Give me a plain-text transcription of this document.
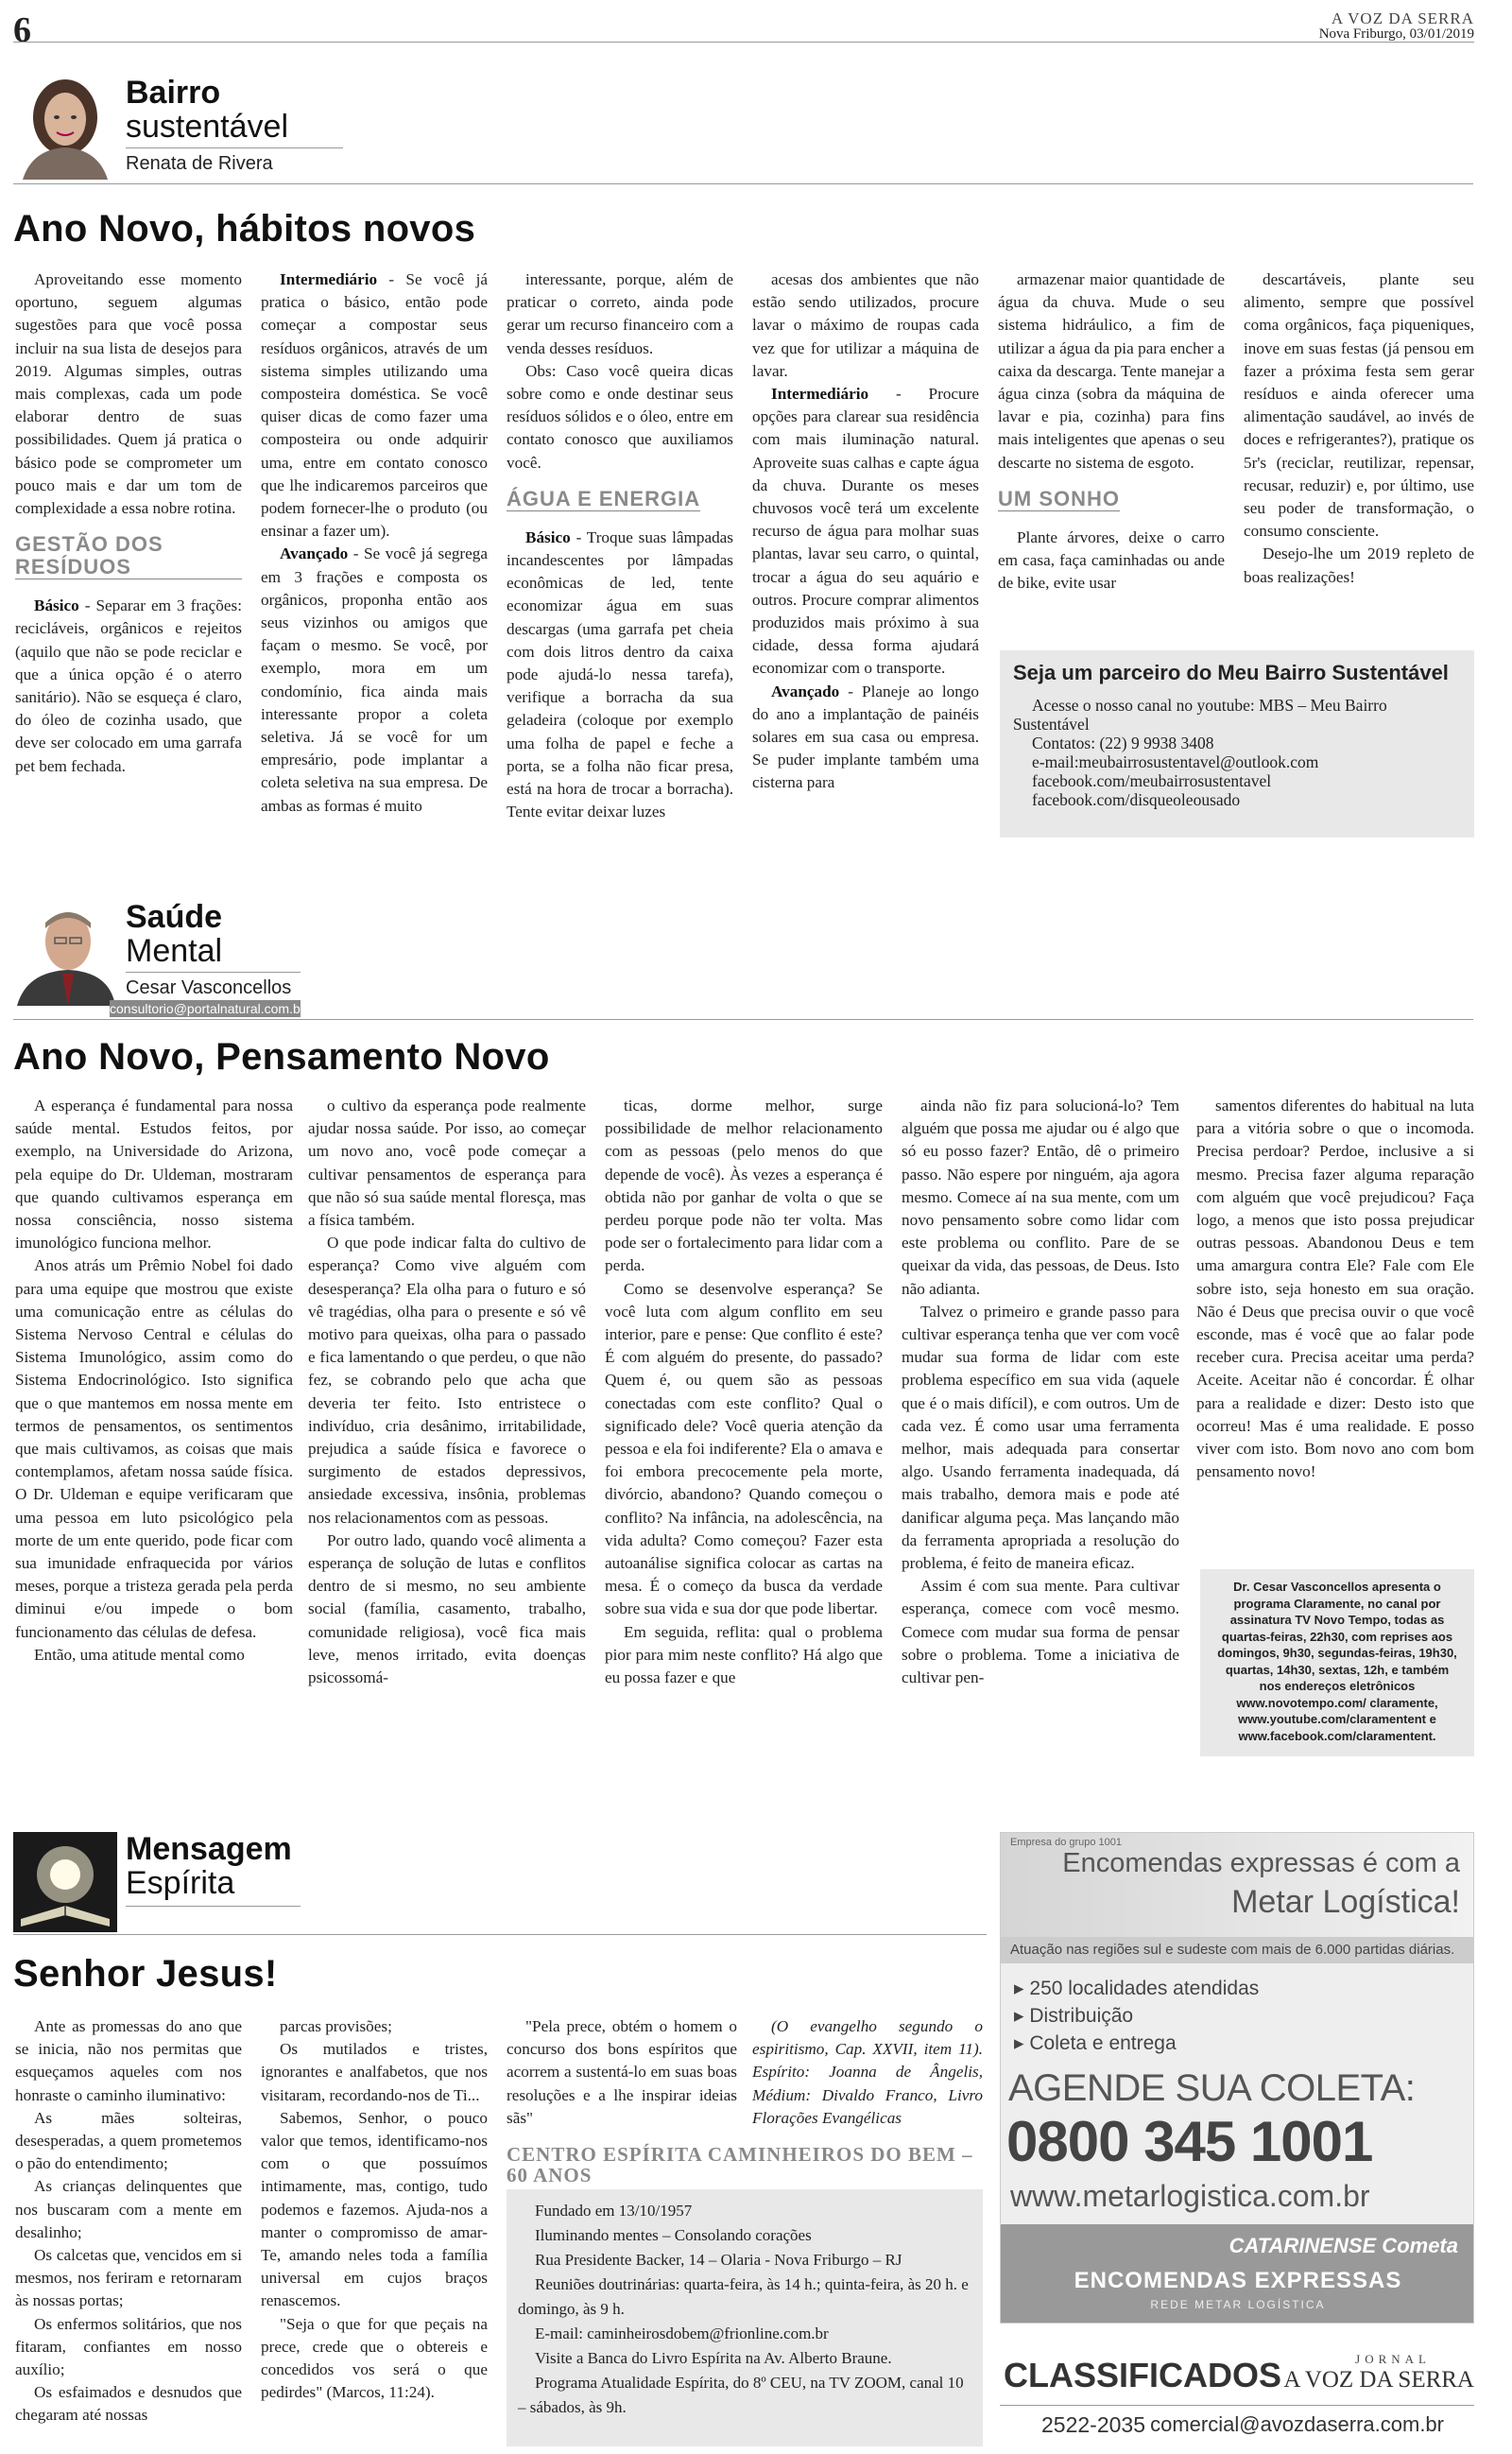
6	A VOZ DA SERRA
Nova Friburgo, 03/01/2019
Bairro
sustentável
Renata de Rivera
Ano Novo, hábitos novos

Aproveitando esse momento oportuno, seguem algumas sugestões para que você possa incluir na sua lista de desejos para 2019. Algumas simples, outras mais complexas, cada um pode elaborar dentro de suas possibilidades. Quem já pratica o básico pode se comprometer um pouco mais e dar um tom de complexidade a essa nobre rotina.

GESTÃO DOS RESÍDUOS

Básico - Separar em 3 frações: recicláveis, orgânicos e rejeitos (aquilo que não se pode reciclar e que a única opção é o aterro sanitário). Não se esqueça é claro, do óleo de cozinha usado, que deve ser colocado em uma garrafa pet bem fechada.

Intermediário - Se você já pratica o básico, então pode começar a compostar seus resíduos orgânicos, através de um sistema simples utilizando uma composteira doméstica. Se você quiser dicas de como fazer uma composteira ou onde adquirir uma, entre em contato conosco que lhe indicaremos parceiros que podem fornecer-lhe o produto (ou ensinar a fazer um).

Avançado - Se você já segrega em 3 frações e composta os orgânicos, proponha então aos seus vizinhos ou amigos que façam o mesmo. Se você, por exemplo, mora em um condomínio, fica ainda mais interessante propor a coleta seletiva. Já se você for um empresário, pode implantar a coleta seletiva na sua empresa. De ambas as formas é muito

interessante, porque, além de praticar o correto, ainda pode gerar um recurso financeiro com a venda desses resíduos.

Obs: Caso você queira dicas sobre como e onde destinar seus resíduos sólidos e o óleo, entre em contato conosco que auxiliamos você.

ÁGUA E ENERGIA

Básico - Troque suas lâmpadas incandescentes por lâmpadas econômicas de led, tente economizar água em suas descargas (uma garrafa pet cheia com dois litros dentro da caixa pode ajudá-lo nessa tarefa), verifique a borracha da sua geladeira (coloque por exemplo uma folha de papel e feche a porta, se a folha não ficar presa, está na hora de trocar a borracha). Tente evitar deixar luzes

acesas dos ambientes que não estão sendo utilizados, procure lavar o máximo de roupas cada vez que for utilizar a máquina de lavar.

Intermediário - Procure opções para clarear sua residência com mais iluminação natural. Aproveite suas calhas e capte água da chuva. Durante os meses chuvosos você terá um excelente recurso de água para molhar suas plantas, lavar seu carro, o quintal, trocar a água do seu aquário e outros. Procure comprar alimentos produzidos mais próximo à sua cidade, dessa forma ajudará economizar com o transporte.

Avançado - Planeje ao longo do ano a implantação de painéis solares em sua casa ou empresa. Se puder implante também uma cisterna para

armazenar maior quantidade de água da chuva. Mude o seu sistema hidráulico, a fim de utilizar a água da pia para encher a caixa da descarga. Tente manejar a água cinza (sobra da máquina de lavar e pia, cozinha) para fins mais inteligentes que apenas o seu descarte no sistema de esgoto.

UM SONHO

Plante árvores, deixe o carro em casa, faça caminhadas ou ande de bike, evite usar

descartáveis, plante seu alimento, sempre que possível coma orgânicos, faça piqueniques, inove em suas festas (já pensou em fazer a próxima festa sem gerar resíduos e ainda oferecer uma alimentação saudável, ao invés de doces e refrigerantes?), pratique os 5r's (reciclar, reutilizar, repensar, recusar, reduzir) e, por último, use seu poder de transformação, o consumo consciente.

Desejo-lhe um 2019 repleto de boas realizações!

Seja um parceiro do Meu Bairro Sustentável
Acesse o nosso canal no youtube: MBS – Meu Bairro Sustentável
Contatos: (22) 9 9938 3408
e-mail:meubairrosustentavel@outlook.com
facebook.com/meubairrosustentavel
facebook.com/disqueoleousado
Saúde
Mental
Cesar Vasconcellos
consultorio@portalnatural.com.br
Ano Novo, Pensamento Novo

A esperança é fundamental para nossa saúde mental. Estudos feitos, por exemplo, na Universidade do Arizona, pela equipe do Dr. Uldeman, mostraram que quando cultivamos esperança em nossa consciência, nosso sistema imunológico funciona melhor.

Anos atrás um Prêmio Nobel foi dado para uma equipe que mostrou que existe uma comunicação entre as células do Sistema Nervoso Central e células do Sistema Imunológico, assim como do Sistema Endocrinológico. Isto significa que o que mantemos em nossa mente em termos de pensamentos, os sentimentos que mais cultivamos, as coisas que mais contemplamos, afetam nossa saúde física. O Dr. Uldeman e equipe verificaram que uma pessoa em luto psicológico pela morte de um ente querido, pode ficar com sua imunidade enfraquecida por vários meses, porque a tristeza gerada pela perda diminui e/ou impede o bom funcionamento das células de defesa.

Então, uma atitude mental como

o cultivo da esperança pode realmente ajudar nossa saúde. Por isso, ao começar um novo ano, você pode começar a cultivar pensamentos de esperança para que não só sua saúde mental floresça, mas a física também.

O que pode indicar falta do cultivo de esperança? Como vive alguém com desesperança? Ela olha para o futuro e só vê tragédias, olha para o presente e só vê motivo para queixas, olha para o passado e fica lamentando o que perdeu, o que não fez, se cobrando pelo que acha que deveria ter feito. Isto entristece o indivíduo, cria desânimo, irritabilidade, prejudica a saúde física e favorece o surgimento de estados depressivos, ansiedade excessiva, insônia, problemas nos relacionamentos com as pessoas.

Por outro lado, quando você alimenta a esperança de solução de lutas e conflitos dentro de si mesmo, no seu ambiente social (família, casamento, trabalho, comunidade religiosa), você fica mais leve, menos irritado, evita doenças psicossomá-

ticas, dorme melhor, surge possibilidade de melhor relacionamento com as pessoas (pelo menos do que depende de você). Às vezes a esperança é obtida não por ganhar de volta o que se perdeu porque pode não ter volta. Mas pode ser o fortalecimento para lidar com a perda.

Como se desenvolve esperança? Se você luta com algum conflito em seu interior, pare e pense: Que conflito é este? É com alguém do presente, do passado? Quem é, ou quem são as pessoas conectadas com este conflito? Qual o significado dele? Você queria atenção da pessoa e ela foi indiferente? Ela o amava e foi embora precocemente pela morte, divórcio, abandono? Quando começou o conflito? Na infância, na adolescência, na vida adulta? Como começou? Fazer esta autoanálise significa colocar as cartas na mesa. É o começo da busca da verdade sobre sua vida e sua dor que pode libertar.

Em seguida, reflita: qual o problema pior para mim neste conflito? Há algo que eu possa fazer e que

ainda não fiz para solucioná-lo? Tem alguém que possa me ajudar ou é algo que só eu posso fazer? Então, dê o primeiro passo. Não espere por ninguém, aja agora mesmo. Comece aí na sua mente, com um novo pensamento sobre como lidar com este problema ou conflito. Pare de se queixar da vida, das pessoas, de Deus. Isto não adianta.

Talvez o primeiro e grande passo para cultivar esperança tenha que ver com você mudar sua forma de lidar com este problema específico em sua vida (aquele que é o mais difícil), e com outros. Um de cada vez. É como usar uma ferramenta melhor, mais adequada para consertar algo. Usando ferramenta inadequada, dá mais trabalho, demora mais e pode até danificar alguma peça. Mas lançando mão da ferramenta apropriada a resolução do problema, é feito de maneira eficaz.

Assim é com sua mente. Para cultivar esperança, comece com você mesmo. Comece com mudar sua forma de pensar sobre o problema. Tome a iniciativa de cultivar pen-

samentos diferentes do habitual na luta para a vitória sobre o que o incomoda. Precisa perdoar? Perdoe, inclusive a si mesmo. Precisa fazer alguma reparação com alguém que você prejudicou? Faça logo, a menos que isto possa prejudicar outras pessoas. Abandonou Deus e tem uma amargura contra Ele? Fale com Ele sobre isto, seja honesto em sua oração. Não é Deus que precisa ouvir o que você esconde, mas é você que ao falar pode receber cura. Precisa aceitar uma perda? Aceite. Aceitar não é concordar. É olhar para a realidade e dizer: Desto isto que ocorreu! Mas é uma realidade. E posso viver com isto. Bom novo ano com bom pensamento novo!

Dr. Cesar Vasconcellos apresenta o programa Claramente, no canal por assinatura TV Novo Tempo, todas as quartas-feiras, 22h30, com reprises aos domingos, 9h30, segundas-feiras, 19h30, quartas, 14h30, sextas, 12h, e também nos endereços eletrônicos www.novotempo.com/ claramente, www.youtube.com/claramentent e www.facebook.com/claramentent.
Mensagem
Espírita
Senhor Jesus!

Ante as promessas do ano que se inicia, não nos permitas que esqueçamos aqueles com nos honraste o caminho iluminativo:

As mães solteiras, desesperadas, a quem prometemos o pão do entendimento;

As crianças delinquentes que nos buscaram com a mente em desalinho;

Os calcetas que, vencidos em si mesmos, nos feriram e retornaram às nossas portas;

Os enfermos solitários, que nos fitaram, confiantes em nosso auxílio;

Os esfaimados e desnudos que chegaram até nossas

parcas provisões;

Os mutilados e tristes, ignorantes e analfabetos, que nos visitaram, recordando-nos de Ti...

Sabemos, Senhor, o pouco valor que temos, identificamo-nos com o que possuímos intimamente, mas, contigo, tudo podemos e fazemos. Ajuda-nos a manter o compromisso de amar-Te, amando neles toda a família universal em cujos braços renascemos.

"Seja o que for que peçais na prece, crede que o obtereis e concedidos vos será o que pedirdes" (Marcos, 11:24).

"Pela prece, obtém o homem o concurso dos bons espíritos que acorrem a sustentá-lo em suas boas resoluções e a lhe inspirar ideias sãs"

(O evangelho segundo o espiritismo, Cap. XXVII, item 11). Espírito: Joanna de Ângelis, Médium: Divaldo Franco, Livro Florações Evangélicas

CENTRO ESPÍRITA CAMINHEIROS DO BEM – 60 ANOS
Fundado em 13/10/1957
Iluminando mentes – Consolando corações
Rua Presidente Backer, 14 – Olaria - Nova Friburgo – RJ
Reuniões doutrinárias: quarta-feira, às 14 h.; quinta-feira, às 20 h. e domingo, às 9 h.
E-mail: caminheirosdobem@frionline.com.br
Visite a Banca do Livro Espírita na Av. Alberto Braune.
Programa Atualidade Espírita, do 8º CEU, na TV ZOOM, canal 10 – sábados, às 9h.
Empresa do grupo 1001
Encomendas expressas é com a
Metar Logística!
Atuação nas regiões sul e sudeste com mais de 6.000 partidas diárias.
▸ 250 localidades atendidas
▸ Distribuição
▸ Coleta e entrega
AGENDE SUA COLETA:
0800 345 1001
www.metarlogistica.com.br
CATARINENSE Cometa
ENCOMENDAS EXPRESSAS
REDE METAR LOGÍSTICA
CLASSIFICADOS	JORNAL
A VOZ DA SERRA
2522-2035 comercial@avozdaserra.com.br
